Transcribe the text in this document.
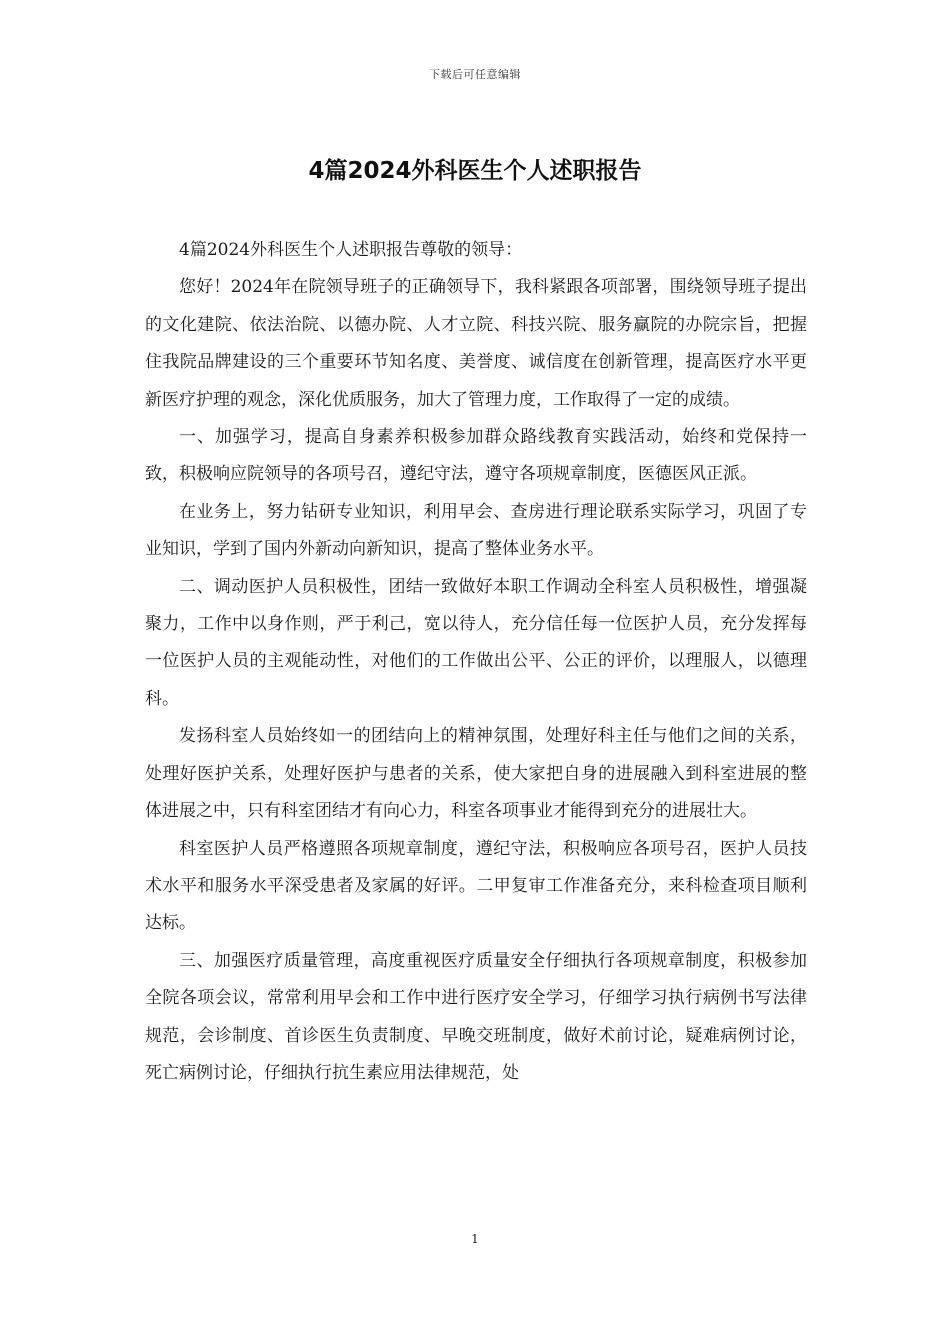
下载后可任意编辑
4篇2024外科医生个人述职报告

4篇2024外科医生个人述职报告尊敬的领导：

您好！2024年在院领导班子的正确领导下，我科紧跟各项部署，围绕领导班子提出的文化建院、依法治院、以德办院、人才立院、科技兴院、服务赢院的办院宗旨，把握住我院品牌建设的三个重要环节知名度、美誉度、诚信度在创新管理，提高医疗水平更新医疗护理的观念，深化优质服务，加大了管理力度，工作取得了一定的成绩。

一、加强学习，提高自身素养积极参加群众路线教育实践活动，始终和党保持一致，积极响应院领导的各项号召，遵纪守法，遵守各项规章制度，医德医风正派。

在业务上，努力钻研专业知识，利用早会、查房进行理论联系实际学习，巩固了专业知识，学到了国内外新动向新知识，提高了整体业务水平。

二、调动医护人员积极性，团结一致做好本职工作调动全科室人员积极性，增强凝聚力，工作中以身作则，严于利己，宽以待人，充分信任每一位医护人员，充分发挥每一位医护人员的主观能动性，对他们的工作做出公平、公正的评价，以理服人，以德理科。

发扬科室人员始终如一的团结向上的精神氛围，处理好科主任与他们之间的关系，处理好医护关系，处理好医护与患者的关系，使大家把自身的进展融入到科室进展的整体进展之中，只有科室团结才有向心力，科室各项事业才能得到充分的进展壮大。

科室医护人员严格遵照各项规章制度，遵纪守法，积极响应各项号召，医护人员技术水平和服务水平深受患者及家属的好评。二甲复审工作准备充分，来科检查项目顺利达标。

三、加强医疗质量管理，高度重视医疗质量安全仔细执行各项规章制度，积极参加全院各项会议，常常利用早会和工作中进行医疗安全学习，仔细学习执行病例书写法律规范，会诊制度、首诊医生负责制度、早晚交班制度，做好术前讨论，疑难病例讨论，死亡病例讨论，仔细执行抗生素应用法律规范，处

1
